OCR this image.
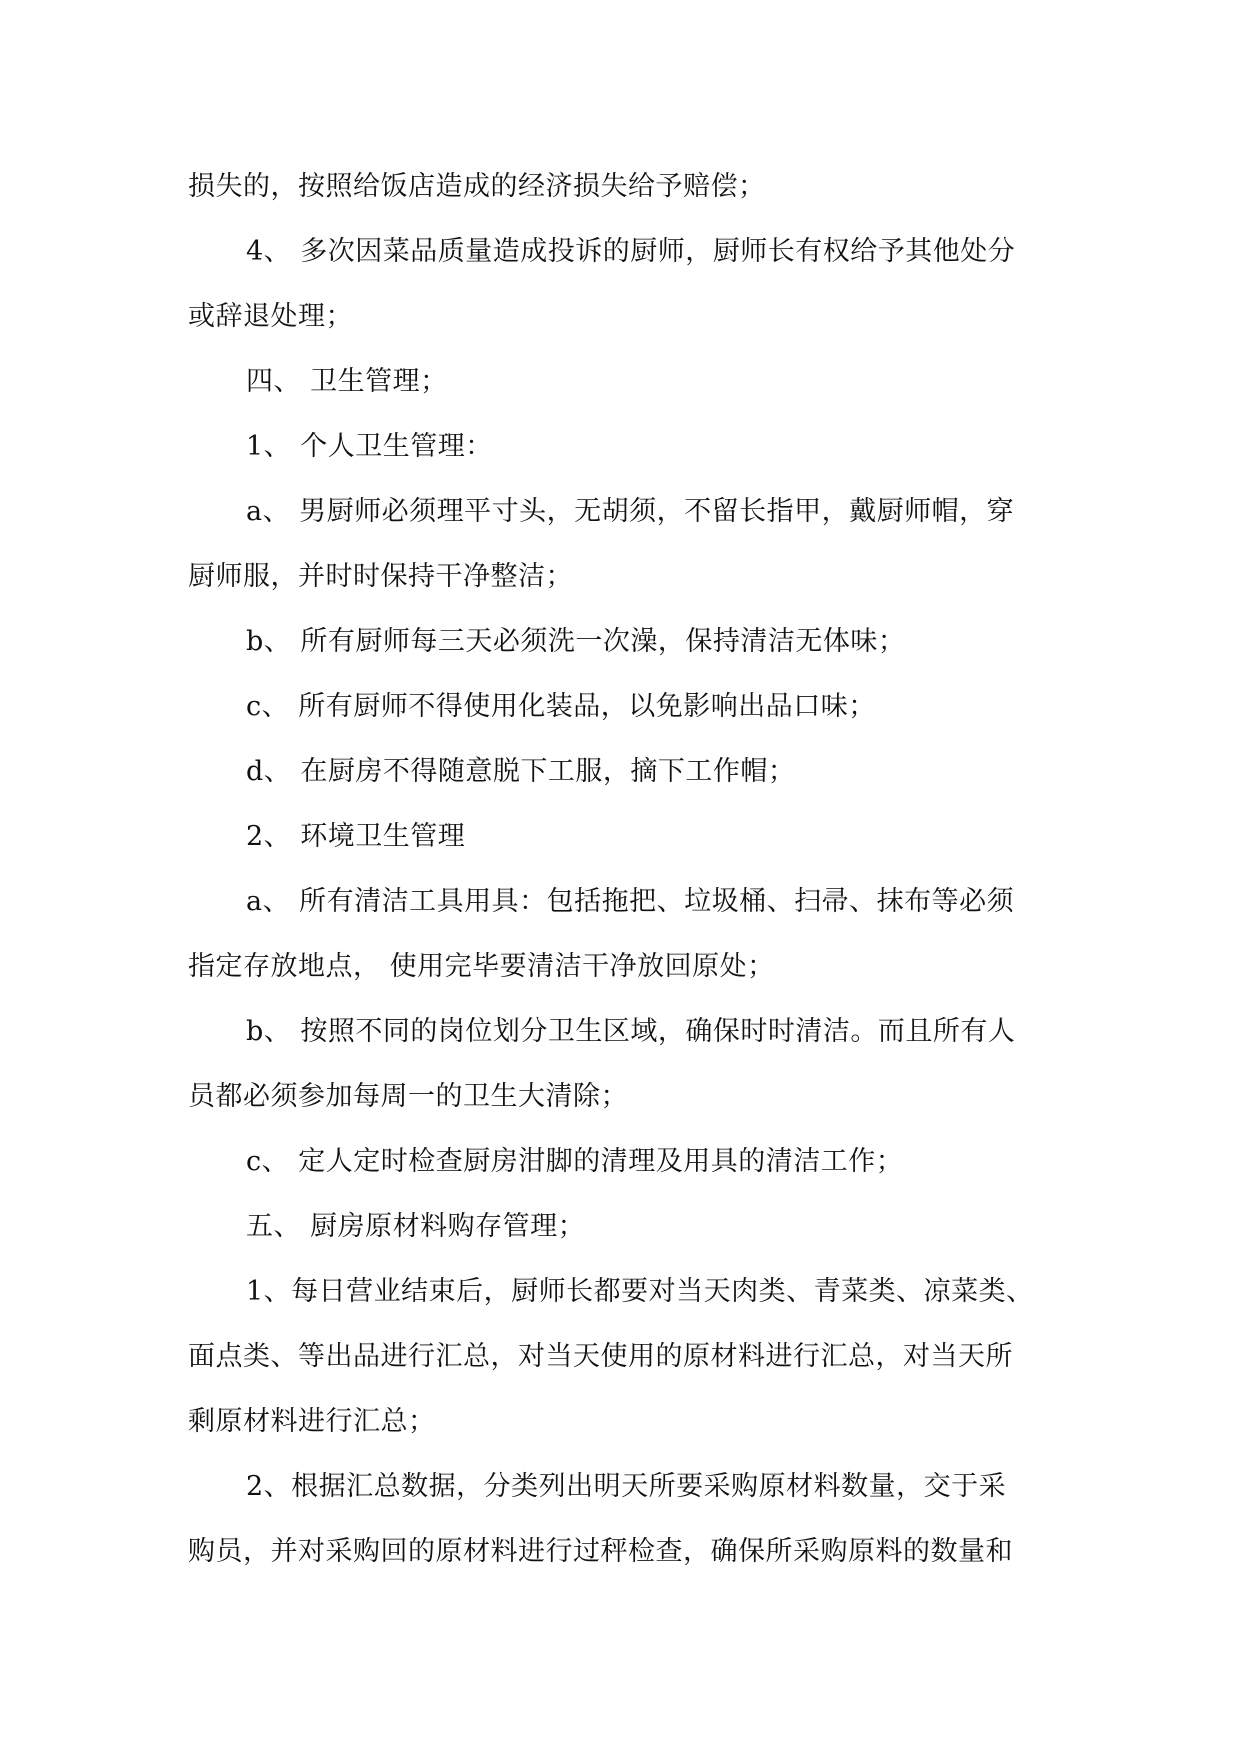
损失的，按照给饭店造成的经济损失给予赔偿；
4、 多次因菜品质量造成投诉的厨师，厨师长有权给予其他处分
或辞退处理；
四、 卫生管理；
1、 个人卫生管理：
a、 男厨师必须理平寸头，无胡须，不留长指甲，戴厨师帽，穿
厨师服，并时时保持干净整洁；
b、 所有厨师每三天必须洗一次澡，保持清洁无体味；
c、 所有厨师不得使用化装品，以免影响出品口味；
d、 在厨房不得随意脱下工服，摘下工作帽；
2、 环境卫生管理
a、 所有清洁工具用具：包括拖把、垃圾桶、扫帚、抹布等必须
指定存放地点， 使用完毕要清洁干净放回原处；
b、 按照不同的岗位划分卫生区域，确保时时清洁。而且所有人
员都必须参加每周一的卫生大清除；
c、 定人定时检查厨房泔脚的清理及用具的清洁工作；
五、 厨房原材料购存管理；
1、每日营业结束后，厨师长都要对当天肉类、青菜类、凉菜类、
面点类、等出品进行汇总，对当天使用的原材料进行汇总，对当天所
剩原材料进行汇总；
2、根据汇总数据，分类列出明天所要采购原材料数量，交于采
购员，并对采购回的原材料进行过秤检查，确保所采购原料的数量和
